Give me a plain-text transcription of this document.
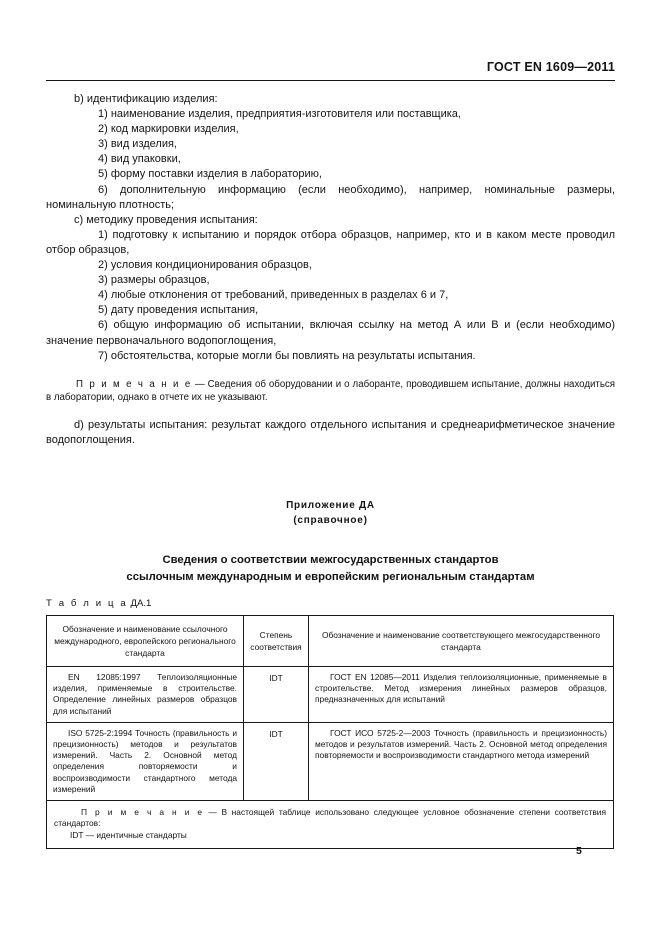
ГОСТ EN 1609—2011
b) идентификацию изделия:
1) наименование изделия, предприятия-изготовителя или поставщика,
2) код маркировки изделия,
3) вид изделия,
4) вид упаковки,
5) форму поставки изделия в лабораторию,
6) дополнительную информацию (если необходимо), например, номинальные размеры, номинальную плотность;
c) методику проведения испытания:
1) подготовку к испытанию и порядок отбора образцов, например, кто и в каком месте проводил отбор образцов,
2) условия кондиционирования образцов,
3) размеры образцов,
4) любые отклонения от требований, приведенных в разделах 6 и 7,
5) дату проведения испытания,
6) общую информацию об испытании, включая ссылку на метод А или В и (если необходимо) значение первоначального водопоглощения,
7) обстоятельства, которые могли бы повлиять на результаты испытания.
П р и м е ч а н и е — Сведения об оборудовании и о лаборанте, проводившем испытание, должны находиться в лаборатории, однако в отчете их не указывают.
d) результаты испытания: результат каждого отдельного испытания и среднеарифметическое значение водопоглощения.
Приложение ДА
(справочное)
Сведения о соответствии межгосударственных стандартов
ссылочным международным и европейским региональным стандартам
Т а б л и ц а ДА.1
Обозначение и наименование ссылочного международного, европейского регионального стандарта	Степень соответствия	Обозначение и наименование соответствующего межгосударственного стандарта
EN 12085:1997 Теплоизоляционные изделия, применяемые в строительстве. Определение линейных размеров образцов для испытаний	IDT	ГОСТ EN 12085—2011 Изделия теплоизоляционные, применяемые в строительстве. Метод измерения линейных размеров образцов, предназначенных для испытаний
ISO 5725-2:1994 Точность (правильность и прецизионность) методов и результатов измерений. Часть 2. Основной метод определения повторяемости и воспроизводимости стандартного метода измерений	IDT	ГОСТ ИСО 5725-2—2003 Точность (правильность и прецизионность) методов и результатов измерений. Часть 2. Основной метод определения повторяемости и воспроизводимости стандартного метода измерений
П р и м е ч а н и е — В настоящей таблице использовано следующее условное обозначение степени соответствия стандартов:
IDT — идентичные стандарты		
5
